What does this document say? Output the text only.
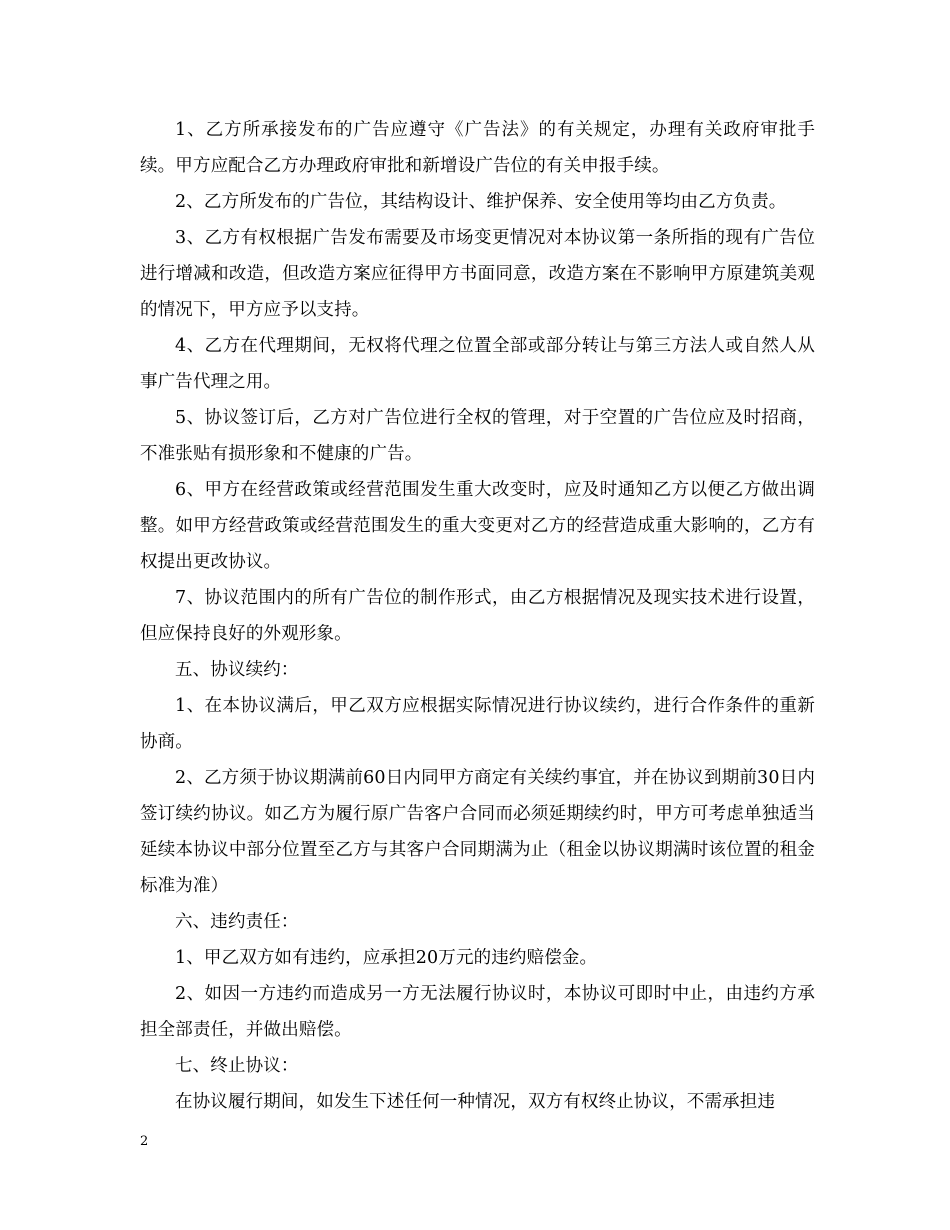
1、乙方所承接发布的广告应遵守《广告法》的有关规定，办理有关政府审批手续。甲方应配合乙方办理政府审批和新增设广告位的有关申报手续。

2、乙方所发布的广告位，其结构设计、维护保养、安全使用等均由乙方负责。

3、乙方有权根据广告发布需要及市场变更情况对本协议第一条所指的现有广告位进行增减和改造，但改造方案应征得甲方书面同意，改造方案在不影响甲方原建筑美观的情况下，甲方应予以支持。

4、乙方在代理期间，无权将代理之位置全部或部分转让与第三方法人或自然人从事广告代理之用。

5、协议签订后，乙方对广告位进行全权的管理，对于空置的广告位应及时招商，不准张贴有损形象和不健康的广告。

6、甲方在经营政策或经营范围发生重大改变时，应及时通知乙方以便乙方做出调整。如甲方经营政策或经营范围发生的重大变更对乙方的经营造成重大影响的，乙方有权提出更改协议。

7、协议范围内的所有广告位的制作形式，由乙方根据情况及现实技术进行设置，但应保持良好的外观形象。

五、协议续约：

1、在本协议满后，甲乙双方应根据实际情况进行协议续约，进行合作条件的重新协商。

2、乙方须于协议期满前60日内同甲方商定有关续约事宜，并在协议到期前30日内签订续约协议。如乙方为履行原广告客户合同而必须延期续约时，甲方可考虑单独适当延续本协议中部分位置至乙方与其客户合同期满为止（租金以协议期满时该位置的租金标准为准）

六、违约责任：

1、甲乙双方如有违约，应承担20万元的违约赔偿金。

2、如因一方违约而造成另一方无法履行协议时，本协议可即时中止，由违约方承担全部责任，并做出赔偿。

七、终止协议：

在协议履行期间，如发生下述任何一种情况，双方有权终止协议，不需承担违

2
